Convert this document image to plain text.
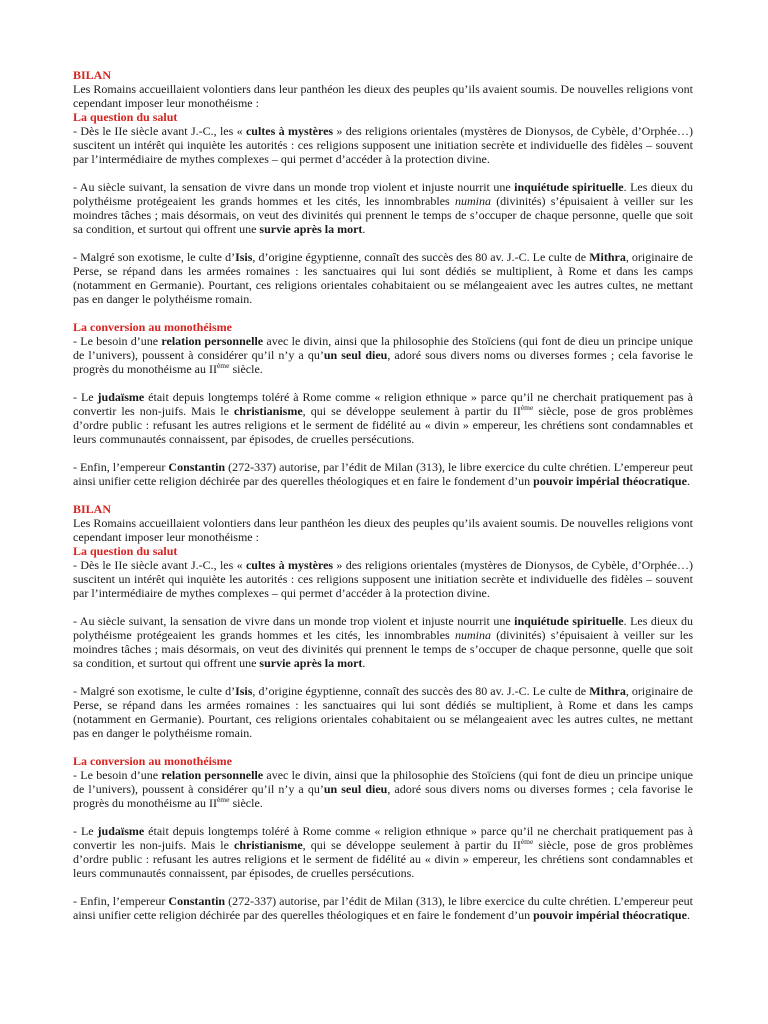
BILAN

Les Romains accueillaient volontiers dans leur panthéon les dieux des peuples qu’ils avaient soumis. De nouvelles religions vont cependant imposer leur monothéisme :

La question du salut

- Dès le IIe siècle avant J.-C., les « cultes à mystères » des religions orientales (mystères de Dionysos, de Cybèle, d’Orphée…) suscitent un intérêt qui inquiète les autorités : ces religions supposent une initiation secrète et individuelle des fidèles – souvent par l’intermédiaire de mythes complexes – qui permet d’accéder à la protection divine.

- Au siècle suivant, la sensation de vivre dans un monde trop violent et injuste nourrit une inquiétude spirituelle. Les dieux du polythéisme protégeaient les grands hommes et les cités, les innombrables numina (divinités) s’épuisaient à veiller sur les moindres tâches ; mais désormais, on veut des divinités qui prennent le temps de s’occuper de chaque personne, quelle que soit sa condition, et surtout qui offrent une survie après la mort.

- Malgré son exotisme, le culte d’Isis, d’origine égyptienne, connaît des succès des 80 av. J.-C. Le culte de Mithra, originaire de Perse, se répand dans les armées romaines : les sanctuaires qui lui sont dédiés se multiplient, à Rome et dans les camps (notamment en Germanie). Pourtant, ces religions orientales cohabitaient ou se mélangeaient avec les autres cultes, ne mettant pas en danger le polythéisme romain.

La conversion au monothéisme

- Le besoin d’une relation personnelle avec le divin, ainsi que la philosophie des Stoïciens (qui font de dieu un principe unique de l’univers), poussent à considérer qu’il n’y a qu’un seul dieu, adoré sous divers noms ou diverses formes ; cela favorise le progrès du monothéisme au IIème siècle.

- Le judaïsme était depuis longtemps toléré à Rome comme « religion ethnique » parce qu’il ne cherchait pratiquement pas à convertir les non-juifs. Mais le christianisme, qui se développe seulement à partir du IIème siècle, pose de gros problèmes d’ordre public : refusant les autres religions et le serment de fidélité au « divin » empereur, les chrétiens sont condamnables et leurs communautés connaissent, par épisodes, de cruelles persécutions.

- Enfin, l’empereur Constantin (272-337) autorise, par l’édit de Milan (313), le libre exercice du culte chrétien. L’empereur peut ainsi unifier cette religion déchirée par des querelles théologiques et en faire le fondement d’un pouvoir impérial théocratique.

BILAN

Les Romains accueillaient volontiers dans leur panthéon les dieux des peuples qu’ils avaient soumis. De nouvelles religions vont cependant imposer leur monothéisme :

La question du salut

- Dès le IIe siècle avant J.-C., les « cultes à mystères » des religions orientales (mystères de Dionysos, de Cybèle, d’Orphée…) suscitent un intérêt qui inquiète les autorités : ces religions supposent une initiation secrète et individuelle des fidèles – souvent par l’intermédiaire de mythes complexes – qui permet d’accéder à la protection divine.

- Au siècle suivant, la sensation de vivre dans un monde trop violent et injuste nourrit une inquiétude spirituelle. Les dieux du polythéisme protégeaient les grands hommes et les cités, les innombrables numina (divinités) s’épuisaient à veiller sur les moindres tâches ; mais désormais, on veut des divinités qui prennent le temps de s’occuper de chaque personne, quelle que soit sa condition, et surtout qui offrent une survie après la mort.

- Malgré son exotisme, le culte d’Isis, d’origine égyptienne, connaît des succès des 80 av. J.-C. Le culte de Mithra, originaire de Perse, se répand dans les armées romaines : les sanctuaires qui lui sont dédiés se multiplient, à Rome et dans les camps (notamment en Germanie). Pourtant, ces religions orientales cohabitaient ou se mélangeaient avec les autres cultes, ne mettant pas en danger le polythéisme romain.

La conversion au monothéisme

- Le besoin d’une relation personnelle avec le divin, ainsi que la philosophie des Stoïciens (qui font de dieu un principe unique de l’univers), poussent à considérer qu’il n’y a qu’un seul dieu, adoré sous divers noms ou diverses formes ; cela favorise le progrès du monothéisme au IIème siècle.

- Le judaïsme était depuis longtemps toléré à Rome comme « religion ethnique » parce qu’il ne cherchait pratiquement pas à convertir les non-juifs. Mais le christianisme, qui se développe seulement à partir du IIème siècle, pose de gros problèmes d’ordre public : refusant les autres religions et le serment de fidélité au « divin » empereur, les chrétiens sont condamnables et leurs communautés connaissent, par épisodes, de cruelles persécutions.

- Enfin, l’empereur Constantin (272-337) autorise, par l’édit de Milan (313), le libre exercice du culte chrétien. L’empereur peut ainsi unifier cette religion déchirée par des querelles théologiques et en faire le fondement d’un pouvoir impérial théocratique.
